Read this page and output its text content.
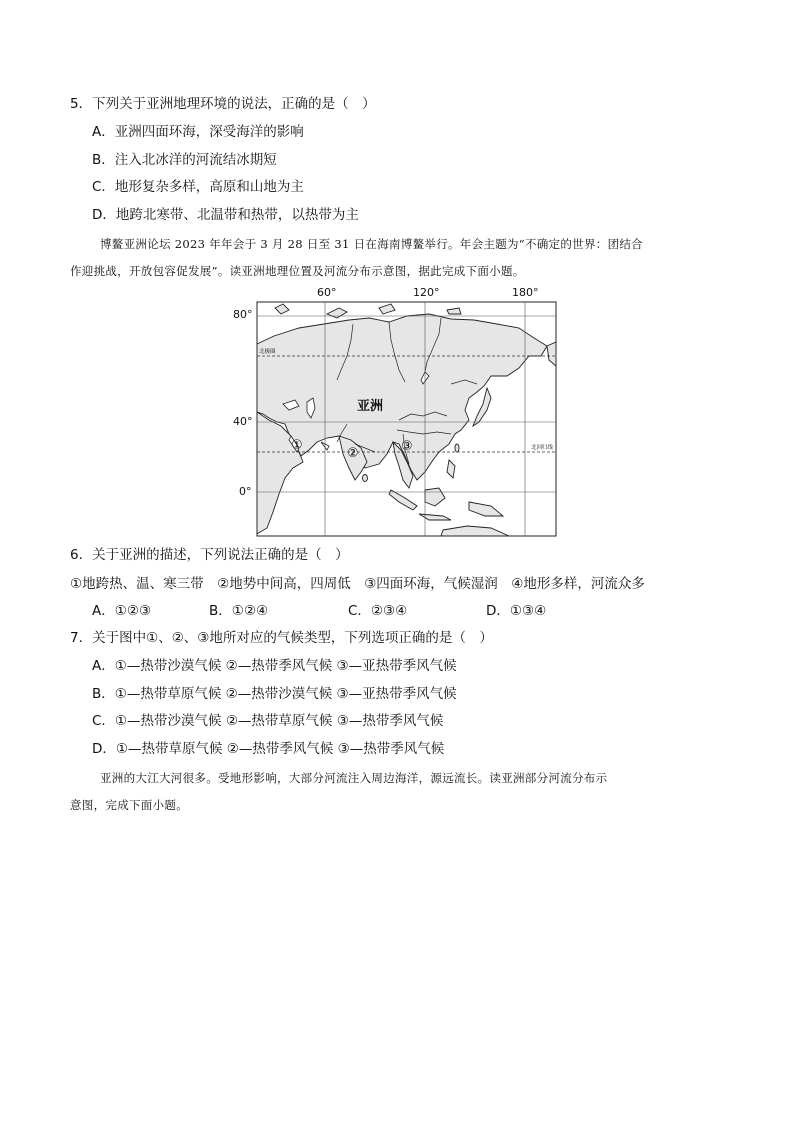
5．下列关于亚洲地理环境的说法，正确的是（　）
A．亚洲四面环海，深受海洋的影响
B．注入北冰洋的河流结冰期短
C．地形复杂多样，高原和山地为主
D．地跨北寒带、北温带和热带，以热带为主
博鳌亚洲论坛 2023 年年会于 3 月 28 日至 31 日在海南博鳌举行。年会主题为“不确定的世界：团结合
作迎挑战，开放包容促发展”。读亚洲地理位置及河流分布示意图，据此完成下面小题。
60°	120°	180°
80°
40°
0°
北极圈
北回归线
亚洲
①
②	③
6．关于亚洲的描述，下列说法正确的是（　）
①地跨热、温、寒三带　②地势中间高，四周低　③四面环海，气候湿润　④地形多样，河流众多
A．①②③	B．①②④	C．②③④	D．①③④
7．关于图中①、②、③地所对应的气候类型，下列选项正确的是（　）
A．①—热带沙漠气候 ②—热带季风气候 ③—亚热带季风气候
B．①—热带草原气候 ②—热带沙漠气候 ③—亚热带季风气候
C．①—热带沙漠气候 ②—热带草原气候 ③—热带季风气候
D．①—热带草原气候 ②—热带季风气候 ③—热带季风气候
亚洲的大江大河很多。受地形影响，大部分河流注入周边海洋，源远流长。读亚洲部分河流分布示
意图，完成下面小题。
